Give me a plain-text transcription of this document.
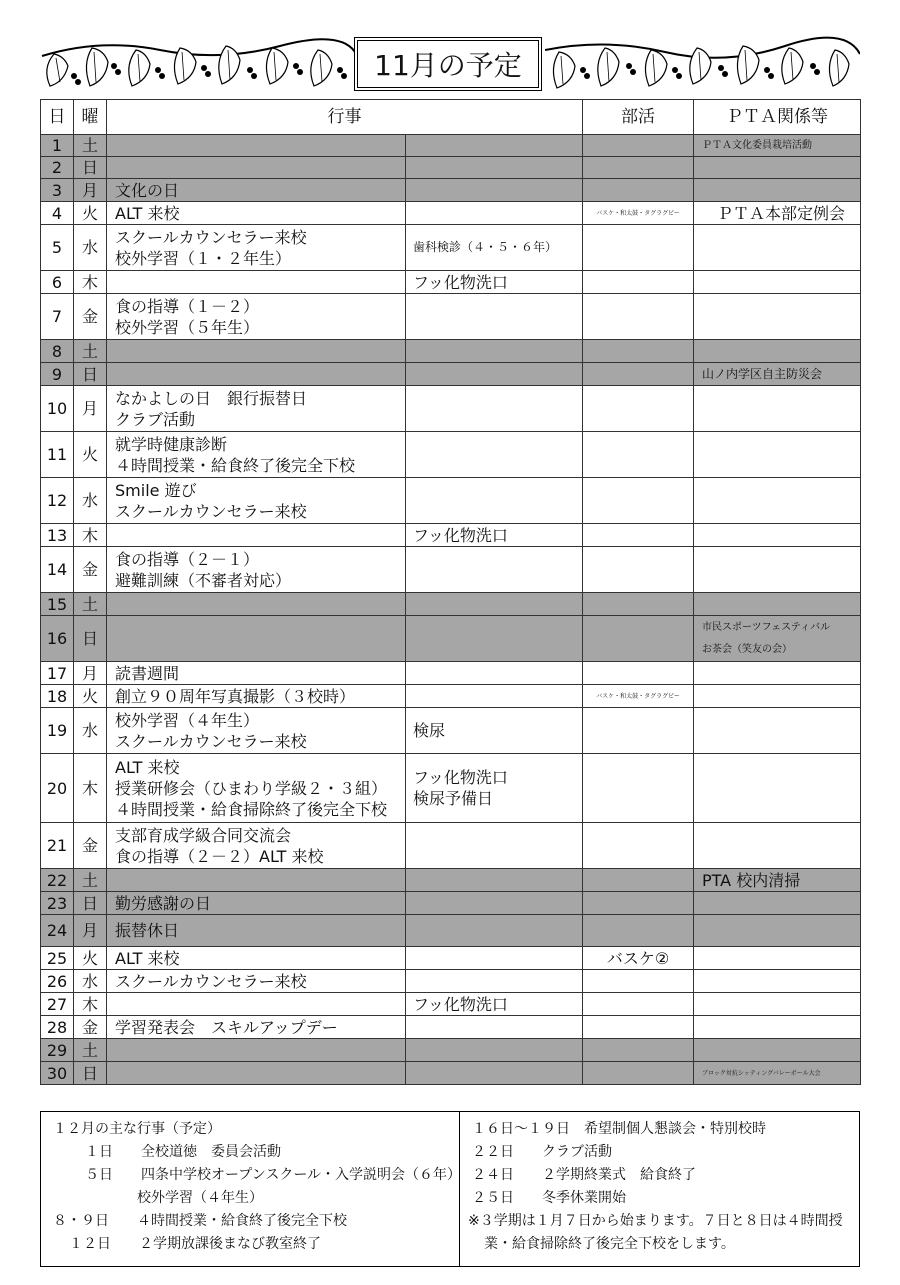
11月の予定
日	曜	行事		部活	ＰＴＡ関係等
1	土				ＰＴＡ文化委員栽培活動
2	日				
3	月	文化の日			
4	火	ALT 来校		バスケ・和太鼓・タグラグビー	ＰＴＡ本部定例会
5	水	スクールカウンセラー来校
校外学習（１・２年生）	歯科検診（４・５・６年）		
6	木		フッ化物洗口		
7	金	食の指導（１－２）
校外学習（５年生）			
8	土				
9	日				山ノ内学区自主防災会
10	月	なかよしの日　銀行振替日
クラブ活動			
11	火	就学時健康診断
４時間授業・給食終了後完全下校			
12	水	Smile 遊び
スクールカウンセラー来校			
13	木		フッ化物洗口		
14	金	食の指導（２－１）
避難訓練（不審者対応）			
15	土				
16	日				市民スポーツフェスティバル
お茶会（笑友の会）
17	月	読書週間			
18	火	創立９０周年写真撮影（３校時）		バスケ・和太鼓・タグラグビー	
19	水	校外学習（４年生）
スクールカウンセラー来校	検尿		
20	木	ALT 来校
授業研修会（ひまわり学級２・３組）
４時間授業・給食掃除終了後完全下校	フッ化物洗口
検尿予備日		
21	金	支部育成学級合同交流会
食の指導（２－２）ALT 来校			
22	土				PTA 校内清掃
23	日	勤労感謝の日			
24	月	振替休日			
25	火	ALT 来校		バスケ②	
26	水	スクールカウンセラー来校			
27	木		フッ化物洗口		
28	金	学習発表会　スキルアップデー			
29	土				
30	日				ブロック対抗シッティングバレーボール大会
１２月の主な行事（予定）
１日　　全校道徳　委員会活動
５日　　四条中学校オープンスクール・入学説明会（６年）
校外学習（４年生）
８・９日　　４時間授業・給食終了後完全下校
１２日　　２学期放課後まなび教室終了
１６日～１９日　希望制個人懇談会・特別校時
２２日　　クラブ活動
２４日　　２学期終業式　給食終了
２５日　　冬季休業開始
※３学期は１月７日から始まります。７日と８日は４時間授
業・給食掃除終了後完全下校をします。
